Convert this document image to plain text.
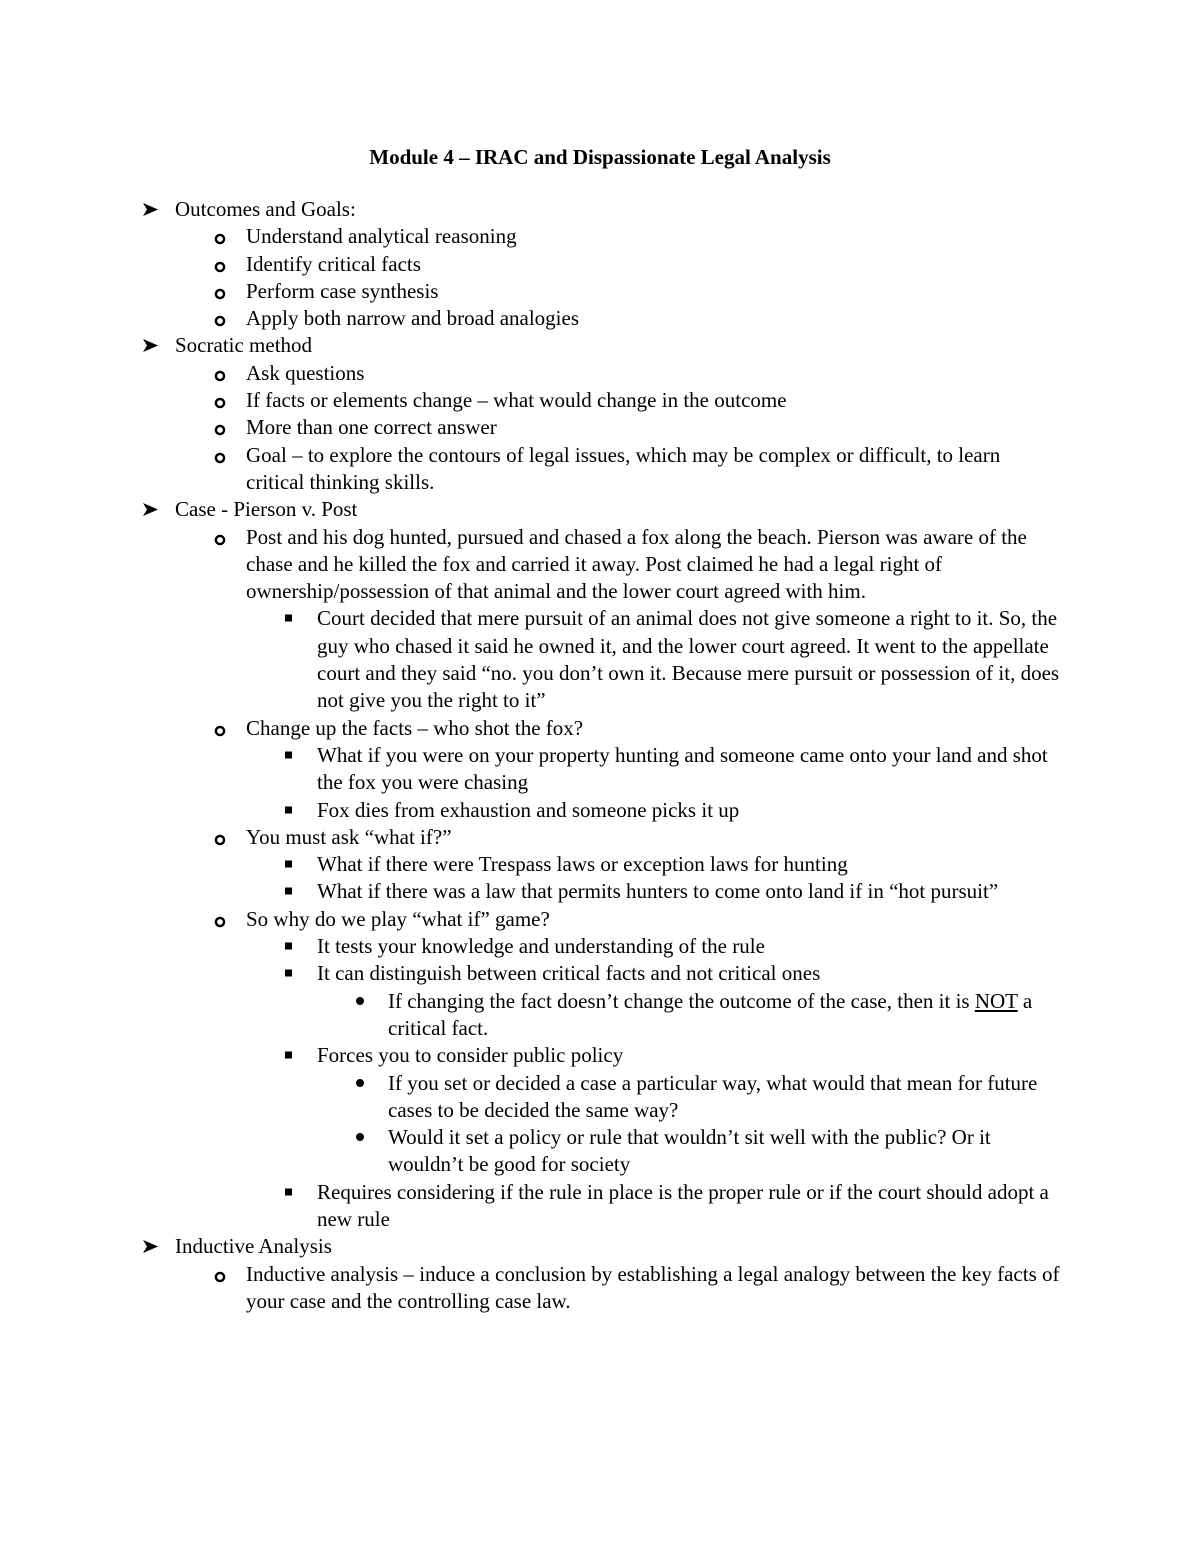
Module 4 – IRAC and Dispassionate Legal Analysis
Outcomes and Goals:
Understand analytical reasoning
Identify critical facts
Perform case synthesis
Apply both narrow and broad analogies
Socratic method
Ask questions
If facts or elements change – what would change in the outcome
More than one correct answer
Goal – to explore the contours of legal issues, which may be complex or difficult, to learn critical thinking skills.
Case - Pierson v. Post
Post and his dog hunted, pursued and chased a fox along the beach. Pierson was aware of the chase and he killed the fox and carried it away. Post claimed he had a legal right of ownership/possession of that animal and the lower court agreed with him.
Court decided that mere pursuit of an animal does not give someone a right to it. So, the guy who chased it said he owned it, and the lower court agreed. It went to the appellate court and they said “no. you don’t own it. Because mere pursuit or possession of it, does not give you the right to it”
Change up the facts – who shot the fox?
What if you were on your property hunting and someone came onto your land and shot the fox you were chasing
Fox dies from exhaustion and someone picks it up
You must ask “what if?”
What if there were Trespass laws or exception laws for hunting
What if there was a law that permits hunters to come onto land if in “hot pursuit”
So why do we play “what if” game?
It tests your knowledge and understanding of the rule
It can distinguish between critical facts and not critical ones
If changing the fact doesn’t change the outcome of the case, then it is NOT a critical fact.
Forces you to consider public policy
If you set or decided a case a particular way, what would that mean for future cases to be decided the same way?
Would it set a policy or rule that wouldn’t sit well with the public? Or it wouldn’t be good for society
Requires considering if the rule in place is the proper rule or if the court should adopt a new rule
Inductive Analysis
Inductive analysis – induce a conclusion by establishing a legal analogy between the key facts of your case and the controlling case law.
